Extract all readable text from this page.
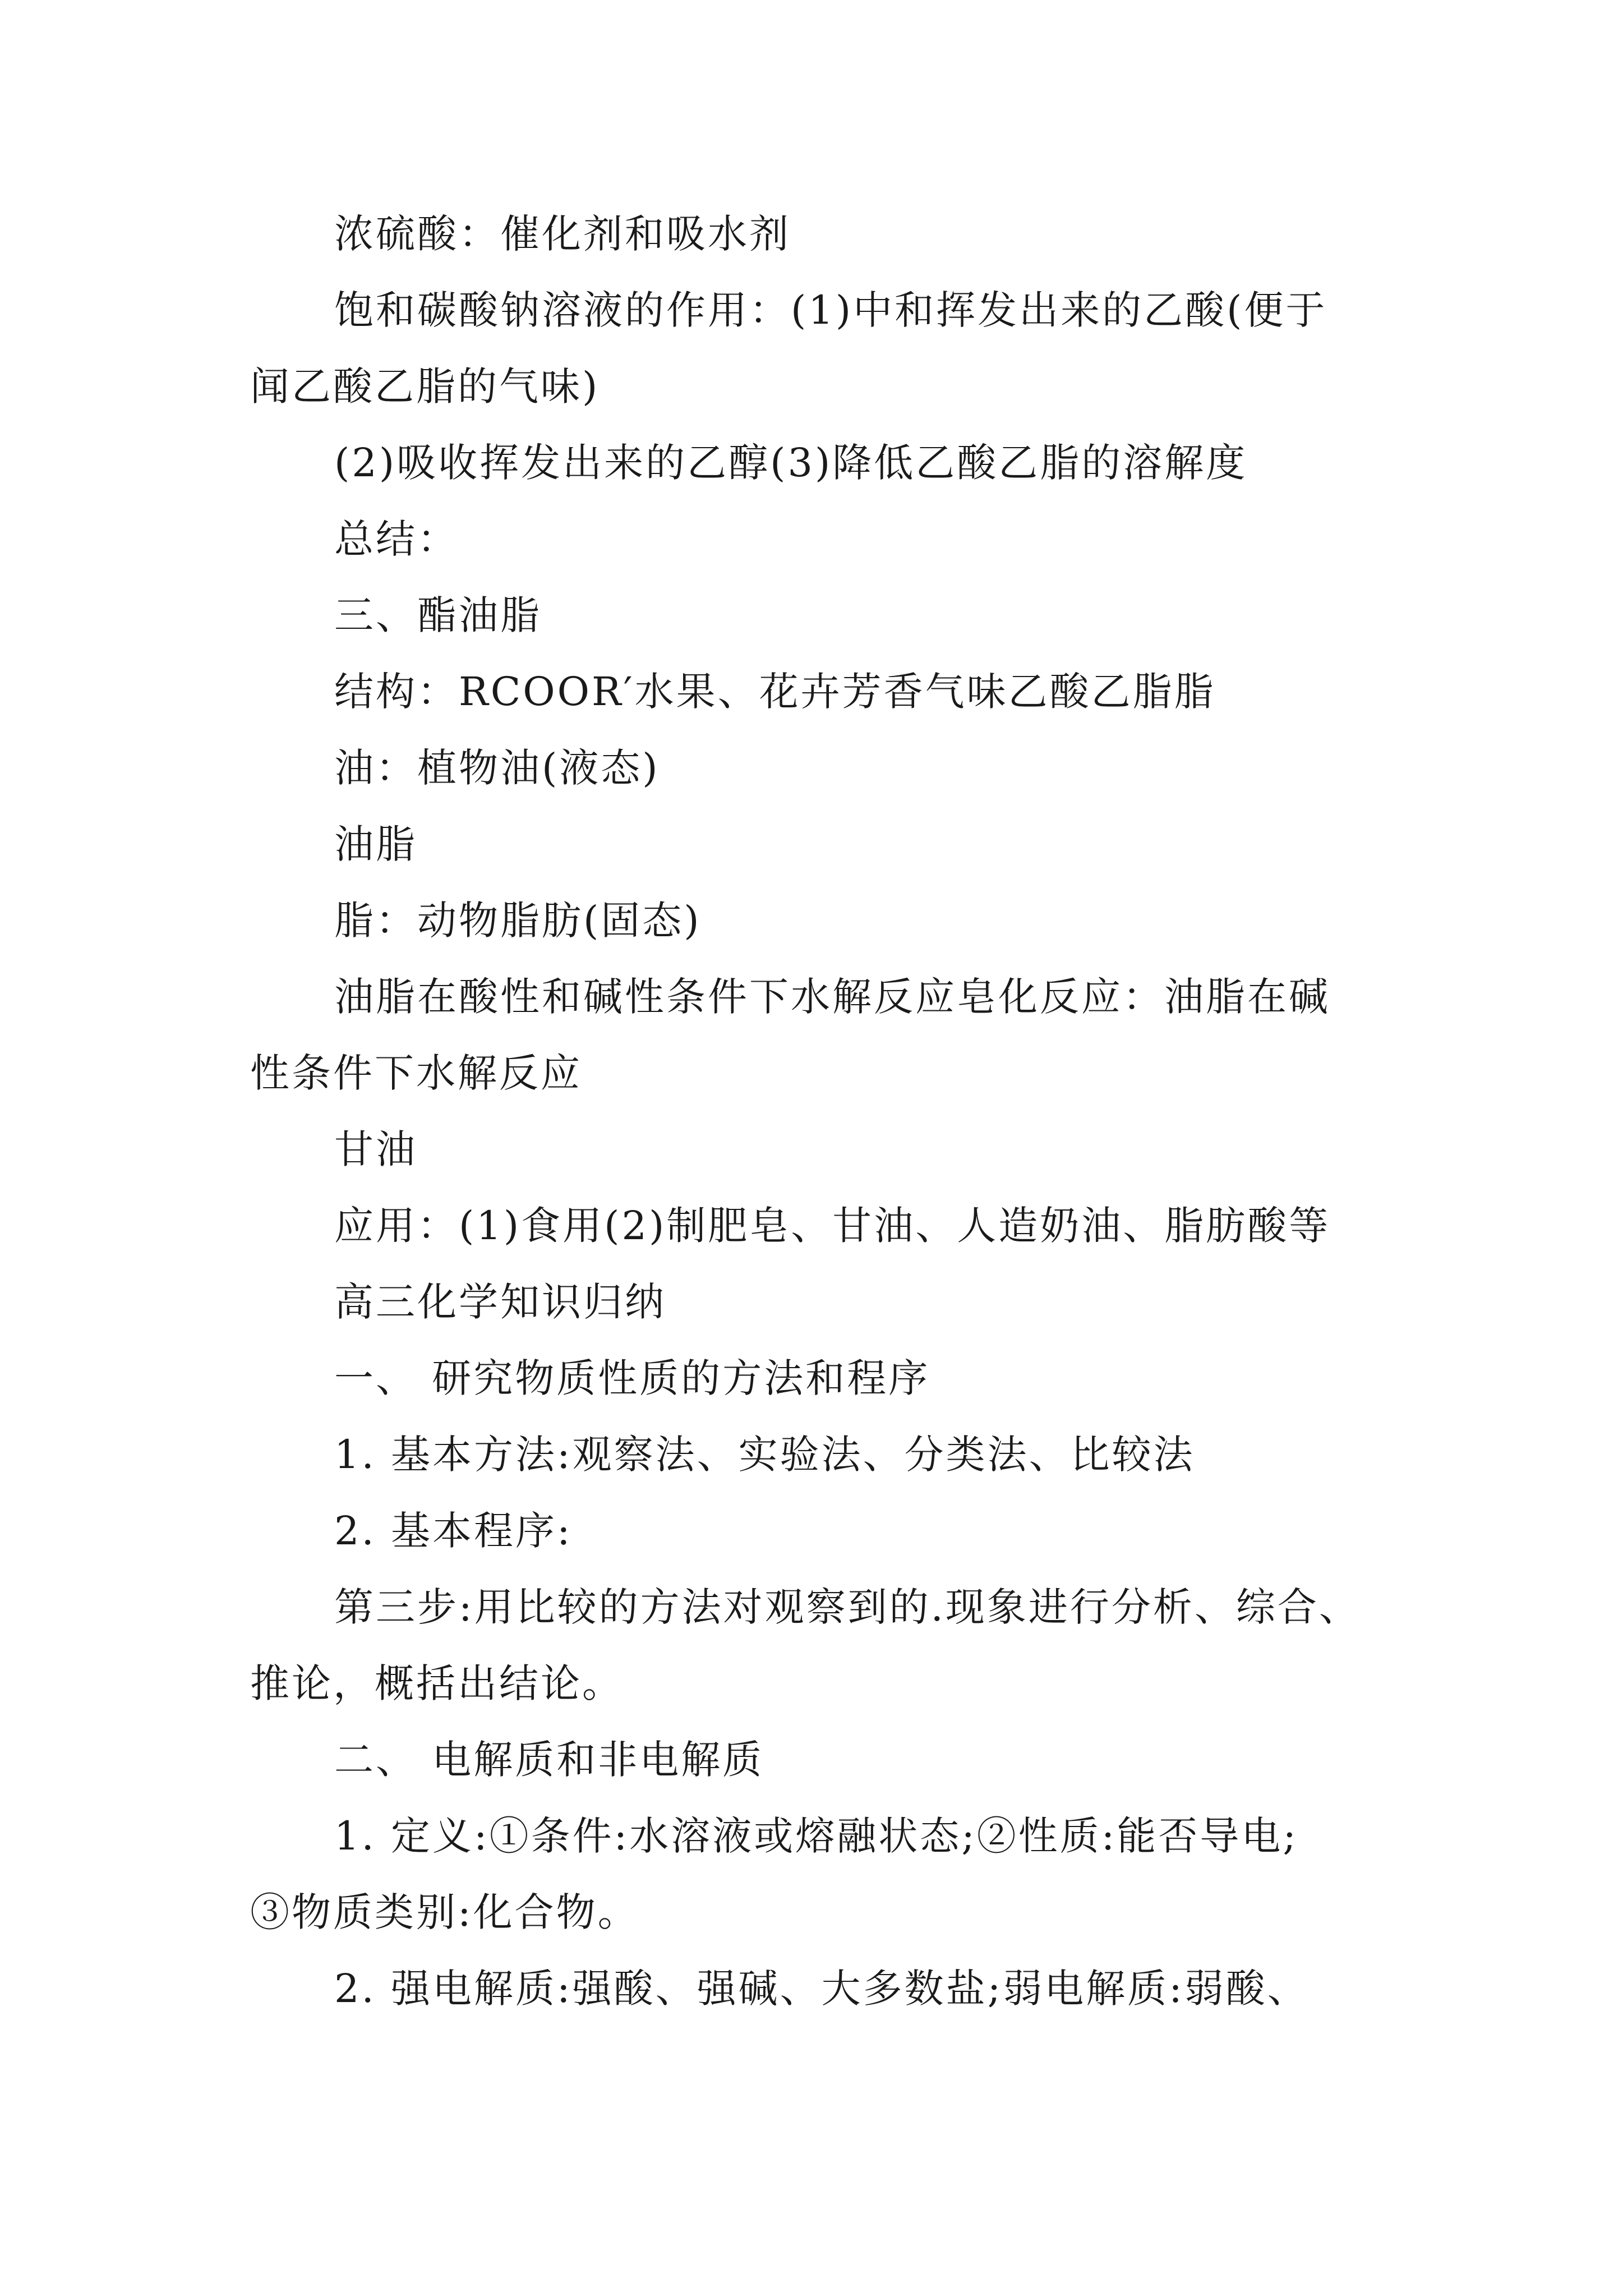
浓硫酸：催化剂和吸水剂
饱和碳酸钠溶液的作用：(1)中和挥发出来的乙酸(便于
闻乙酸乙脂的气味)
(2)吸收挥发出来的乙醇(3)降低乙酸乙脂的溶解度
总结：
三、酯油脂
结构：RCOOR′水果、花卉芳香气味乙酸乙脂脂
油：植物油(液态)
油脂
脂：动物脂肪(固态)
油脂在酸性和碱性条件下水解反应皂化反应：油脂在碱
性条件下水解反应
甘油
应用：(1)食用(2)制肥皂、甘油、人造奶油、脂肪酸等
高三化学知识归纳
一、 研究物质性质的方法和程序
1. 基本方法:观察法、实验法、分类法、比较法
2. 基本程序:
第三步:用比较的方法对观察到的.现象进行分析、综合、
推论，概括出结论。
二、 电解质和非电解质
1. 定义:①条件:水溶液或熔融状态;②性质:能否导电;
③物质类别:化合物。
2. 强电解质:强酸、强碱、大多数盐;弱电解质:弱酸、
